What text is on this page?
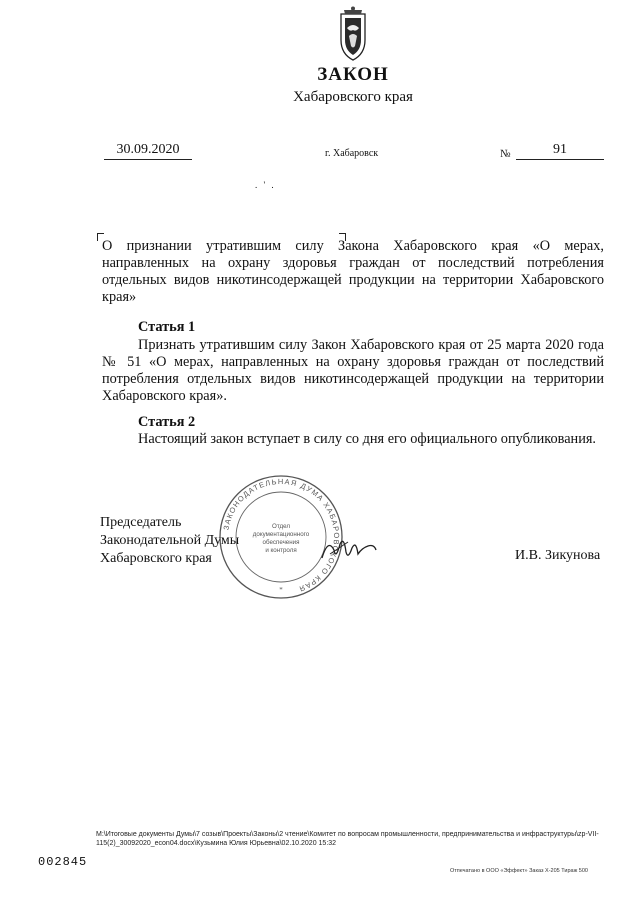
ЗАКОН
Хабаровского края
30.09.2020	г. Хабаровск	№	91
. ' .
О признании утратившим силу Закона Хабаровского края «О мерах, направленных на охрану здоровья граждан от последствий потребления отдельных видов никотинсодержащей продукции на территории Хабаровского края»
Статья 1
Признать утратившим силу Закон Хабаровского края от 25 марта 2020 года № 51 «О мерах, направленных на охрану здоровья граждан от последствий потребления отдельных видов никотинсодержащей продукции на территории Хабаровского края».
Статья 2
Настоящий закон вступает в силу со дня его официального опубликования.
Председатель
Законодательной Думы
Хабаровского края	И.В. Зикунова
ЗАКОНОДАТЕЛЬНАЯ ДУМА ХАБАРОВСКОГО КРАЯ
Отдел
документационного
обеспечения
и контроля
*
М:\Итоговые документы Думы\7 созыв\Проекты\Законы\2 чтение\Комитет по вопросам промышленности, предпринимательства и инфраструктуры\zp-VII-
115(2)_30092020_econ04.docx\Кузьмина Юлия Юрьевна\02.10.2020 15:32
002845
Отпечатано в ООО «Эффект» Заказ Х-205 Тираж 500
